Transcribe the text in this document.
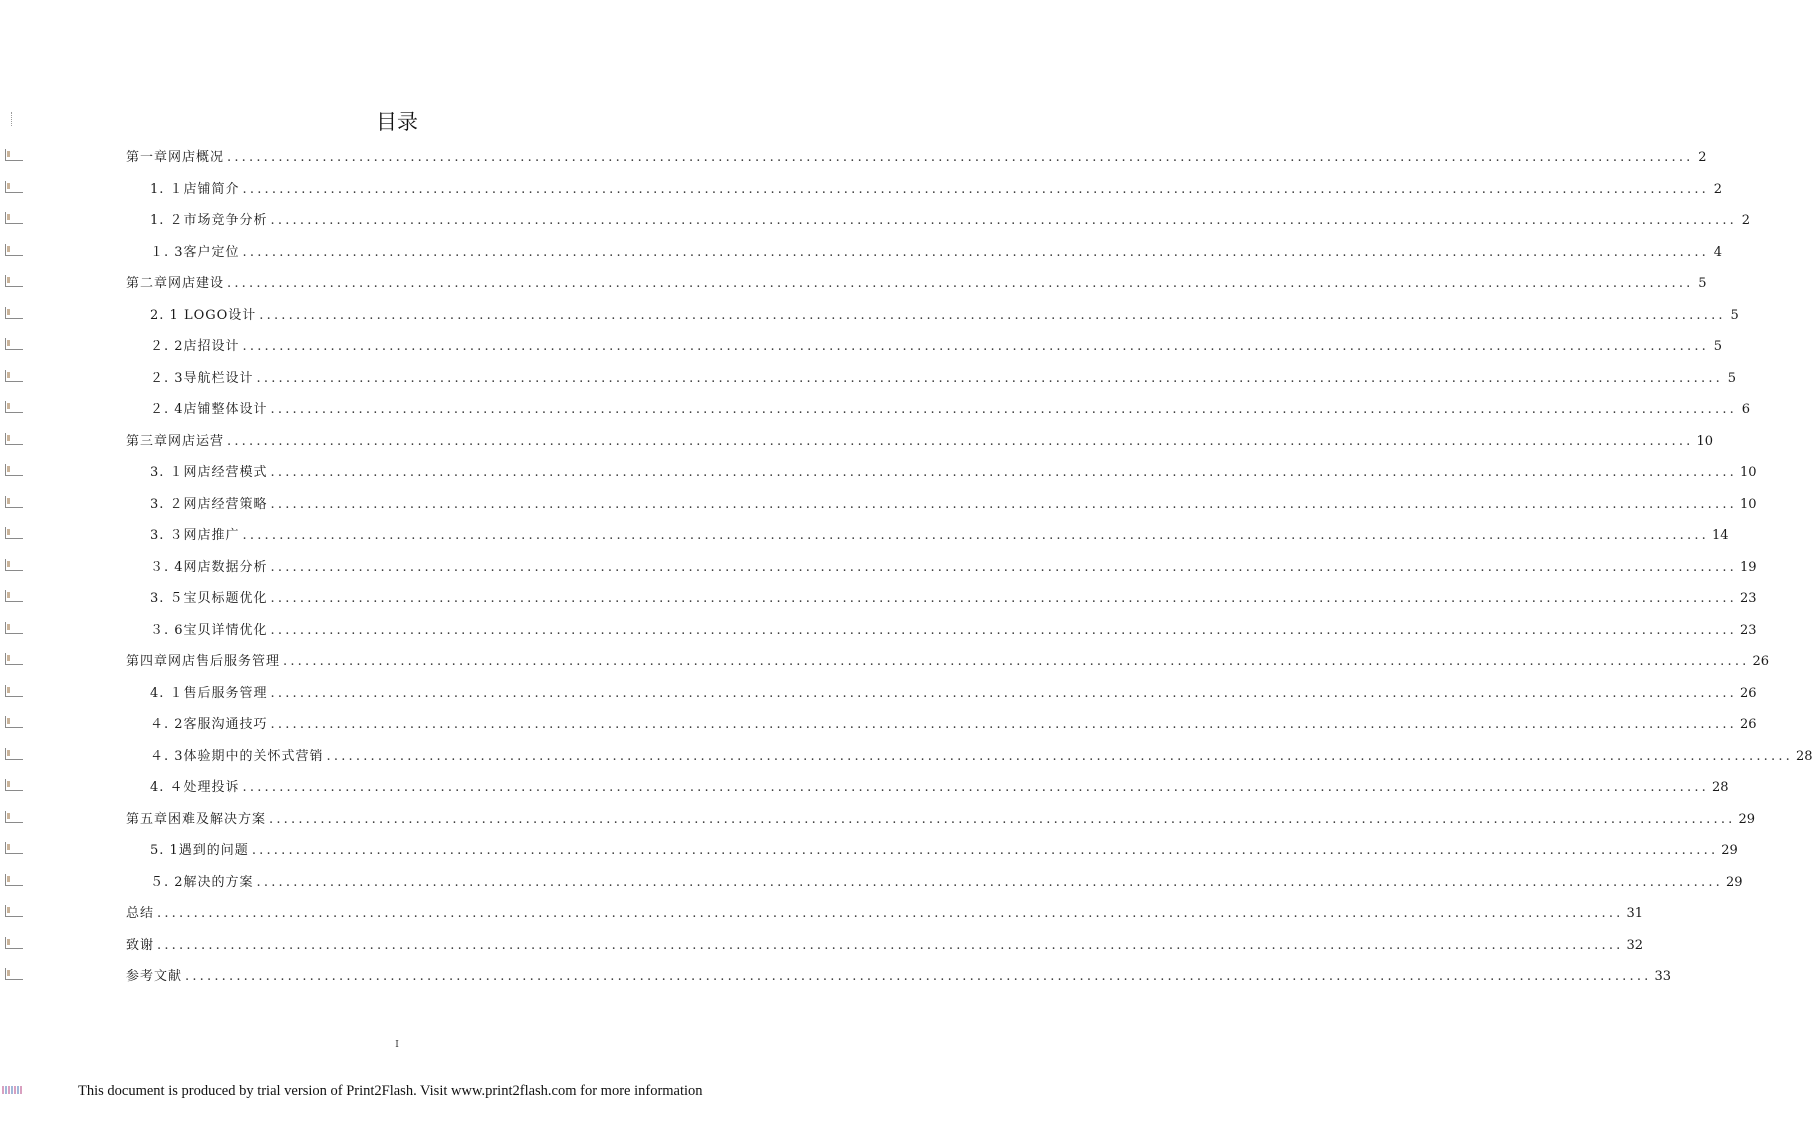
目录
第一章网店概况 ........................................................................................................................................................................................................ 2
1. １店铺简介 ........................................................................................................................................................................................................ 2
1. ２市场竞争分析 ........................................................................................................................................................................................................ 2
１. 3客户定位 ........................................................................................................................................................................................................ 4
第二章网店建设 ........................................................................................................................................................................................................ 5
2. 1 LOGO设计 ........................................................................................................................................................................................................ 5
２. 2店招设计 ........................................................................................................................................................................................................ 5
２. 3导航栏设计 ........................................................................................................................................................................................................ 5
２. 4店铺整体设计 ........................................................................................................................................................................................................ 6
第三章网店运营 ........................................................................................................................................................................................................ 10
3. １网店经营模式 ........................................................................................................................................................................................................ 10
3. ２网店经营策略 ........................................................................................................................................................................................................ 10
3. ３网店推广 ........................................................................................................................................................................................................ 14
３. 4网店数据分析 ........................................................................................................................................................................................................ 19
3. ５宝贝标题优化 ........................................................................................................................................................................................................ 23
３. 6宝贝详情优化 ........................................................................................................................................................................................................ 23
第四章网店售后服务管理 ........................................................................................................................................................................................................ 26
4. １售后服务管理 ........................................................................................................................................................................................................ 26
４. 2客服沟通技巧 ........................................................................................................................................................................................................ 26
４. 3体验期中的关怀式营销 ........................................................................................................................................................................................................ 28
4. ４处理投诉 ........................................................................................................................................................................................................ 28
第五章困难及解决方案 ........................................................................................................................................................................................................ 29
5. 1遇到的问题 ........................................................................................................................................................................................................ 29
５. 2解决的方案 ........................................................................................................................................................................................................ 29
总结 ........................................................................................................................................................................................................ 31
致谢 ........................................................................................................................................................................................................ 32
参考文献 ........................................................................................................................................................................................................ 33
I
This document is produced by trial version of Print2Flash. Visit www.print2flash.com for more information
